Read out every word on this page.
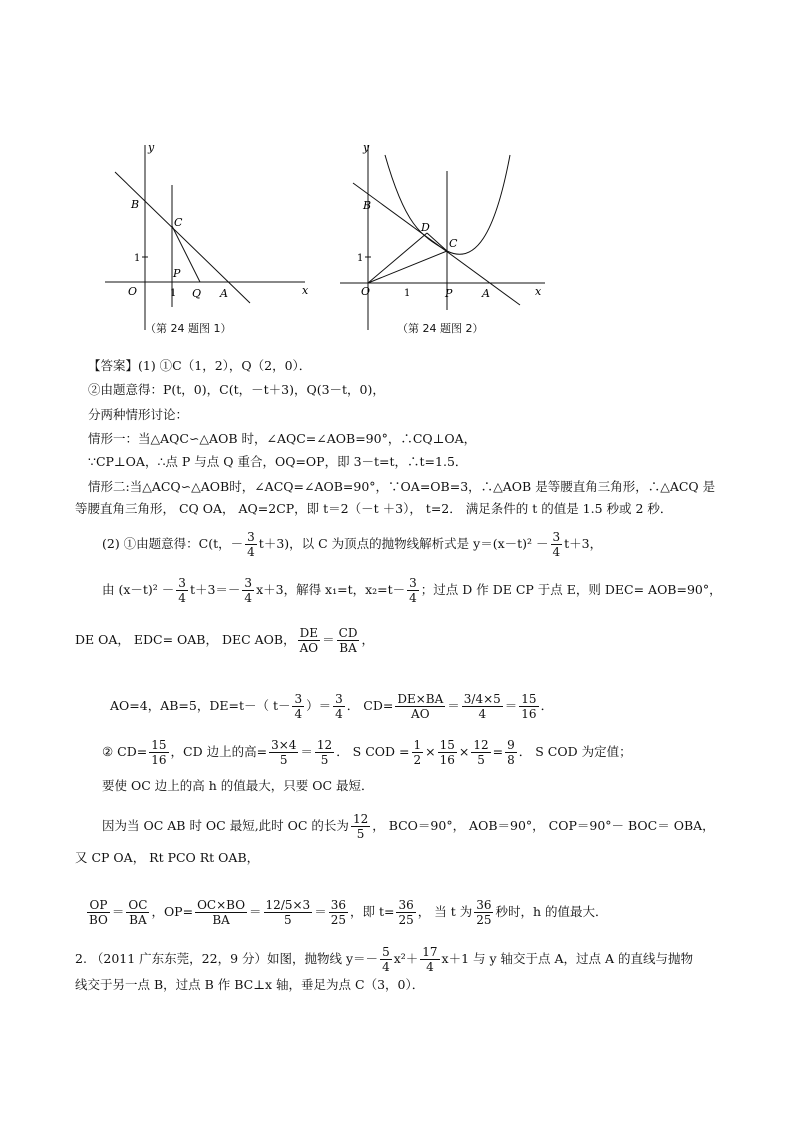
y
x
O
B
C
P
Q A
1
1
（第 24 题图 1）
y
x
O
B
D
C
P	A
1
1
（第 24 题图 2）
【答案】(1) ①C（1，2），Q（2，0）．
②由题意得：P(t，0)，C(t，－t＋3)，Q(3－t，0)，
分两种情形讨论：
情形一：当△AQC∽△AOB 时，∠AQC=∠AOB=90°，∴CQ⊥OA，
∵CP⊥OA，∴点 P 与点 Q 重合，OQ=OP，即 3－t=t，∴t=1.5．
情形二:当△ACQ∽△AOB时，∠ACQ=∠AOB=90°，∵OA=OB=3，∴△AOB 是等腰直角三角形，∴△ACQ 是
等腰直角三角形， CQ OA， AQ=2CP，即 t＝2（－t ＋3）， t=2． 满足条件的 t 的值是 1.5 秒或 2 秒．
(2) ①由题意得：C(t，－ $\frac{3}{4} t+3$)，以 C 为顶点的抛物线解析式是 $y=(x-t)^2 - \frac{3}{4} t+3$，
由 $(x-t)^2 - \frac{3}{4} t+3=- \frac{3}{4} x+3$，解得 x₁=t，$x_2=t- \frac{3}{4}$ ；过点 D 作 DE CP 于点 E，则 DEC= AOB=90°，
DE OA， EDC= OAB， DEC AOB， $\frac{DE}{AO} = \frac{CD}{BA}$ ，
AO=4，AB=5，DE=t－（ $t- \frac{3}{4}$ ）＝ $\frac{3}{4}$ ． $CD= \frac{DE\times BA}{AO} = \frac{3/4\times 5}{4} = \frac{15}{16}$ ．
② $CD= \frac{15}{16}$ ，CD 边上的高= $\frac{3\times 4}{5} = \frac{12}{5}$ ． S COD = $\frac{1}{2} \times \frac{15}{16} \times \frac{12}{5} = \frac{9}{8}$ ． S COD 为定值；
要使 OC 边上的高 h 的值最大，只要 OC 最短．
因为当 OC AB 时 OC 最短,此时 OC 的长为 $\frac{12}{5}$ ， BCO＝90°， AOB＝90°， COP＝90°－ BOC＝ OBA，
又 CP OA， Rt PCO Rt OAB，
$\frac{OP}{BO} = \frac{OC}{BA}$ ，$OP= \frac{OC\times BO}{BA} = \frac{12/5\times 3}{5} = \frac{36}{25}$ ，即 $t= \frac{36}{25}$ ， 当 t 为 $\frac{36}{25}$ 秒时，h 的值最大．
2. （2011 广东东莞，22，9 分）如图，抛物线 $y=- \frac{5}{4} x^2+ \frac{17}{4} x+1$ 与 y 轴交于点 A，过点 A 的直线与抛物
线交于另一点 B，过点 B 作 BC⊥x 轴，垂足为点 C（3，0）．
